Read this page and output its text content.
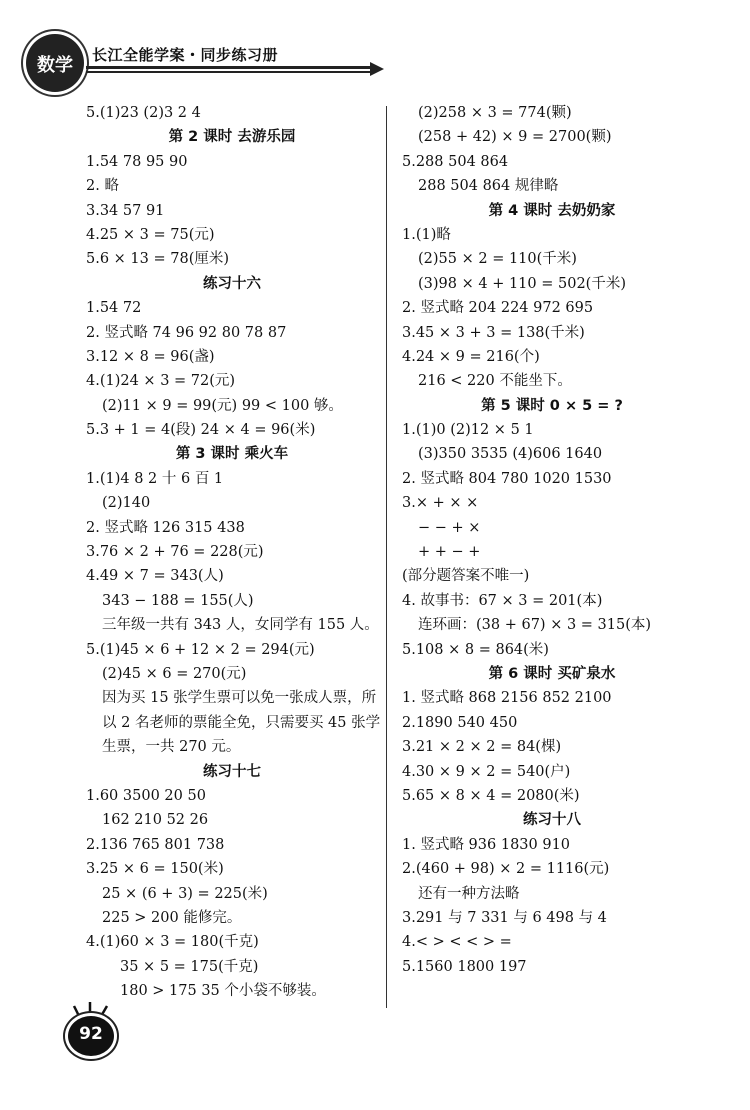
数学	长江全能学案・同步练习册
5.(1)23 (2)3 2 4
第 2 课时 去游乐园
1.54 78 95 90
2. 略
3.34 57 91
4.25 × 3 = 75(元)
5.6 × 13 = 78(厘米)
练习十六
1.54 72
2. 竖式略 74 96 92 80 78 87
3.12 × 8 = 96(盏)
4.(1)24 × 3 = 72(元)
(2)11 × 9 = 99(元) 99 < 100 够。
5.3 + 1 = 4(段) 24 × 4 = 96(米)
第 3 课时 乘火车
1.(1)4 8 2 十 6 百 1
(2)140
2. 竖式略 126 315 438
3.76 × 2 + 76 = 228(元)
4.49 × 7 = 343(人)
343 − 188 = 155(人)
三年级一共有 343 人，女同学有 155 人。
5.(1)45 × 6 + 12 × 2 = 294(元)
(2)45 × 6 = 270(元)
因为买 15 张学生票可以免一张成人票，所
以 2 名老师的票能全免，只需要买 45 张学
生票，一共 270 元。
练习十七
1.60 3500 20 50
162 210 52 26
2.136 765 801 738
3.25 × 6 = 150(米)
25 × (6 + 3) = 225(米)
225 > 200 能修完。
4.(1)60 × 3 = 180(千克)
35 × 5 = 175(千克)
180 > 175 35 个小袋不够装。
(2)258 × 3 = 774(颗)
(258 + 42) × 9 = 2700(颗)
5.288 504 864
288 504 864 规律略
第 4 课时 去奶奶家
1.(1)略
(2)55 × 2 = 110(千米)
(3)98 × 4 + 110 = 502(千米)
2. 竖式略 204 224 972 695
3.45 × 3 + 3 = 138(千米)
4.24 × 9 = 216(个)
216 < 220 不能坐下。
第 5 课时 0 × 5 = ?
1.(1)0 (2)12 × 5 1
(3)350 3535 (4)606 1640
2. 竖式略 804 780 1020 1530
3.× + × ×
− − + ×
+ + − +
(部分题答案不唯一)
4. 故事书：67 × 3 = 201(本)
连环画：(38 + 67) × 3 = 315(本)
5.108 × 8 = 864(米)
第 6 课时 买矿泉水
1. 竖式略 868 2156 852 2100
2.1890 540 450
3.21 × 2 × 2 = 84(棵)
4.30 × 9 × 2 = 540(户)
5.65 × 8 × 4 = 2080(米)
练习十八
1. 竖式略 936 1830 910
2.(460 + 98) × 2 = 1116(元)
还有一种方法略
3.291 与 7 331 与 6 498 与 4
4.< > < < > =
5.1560 1800 197
92
